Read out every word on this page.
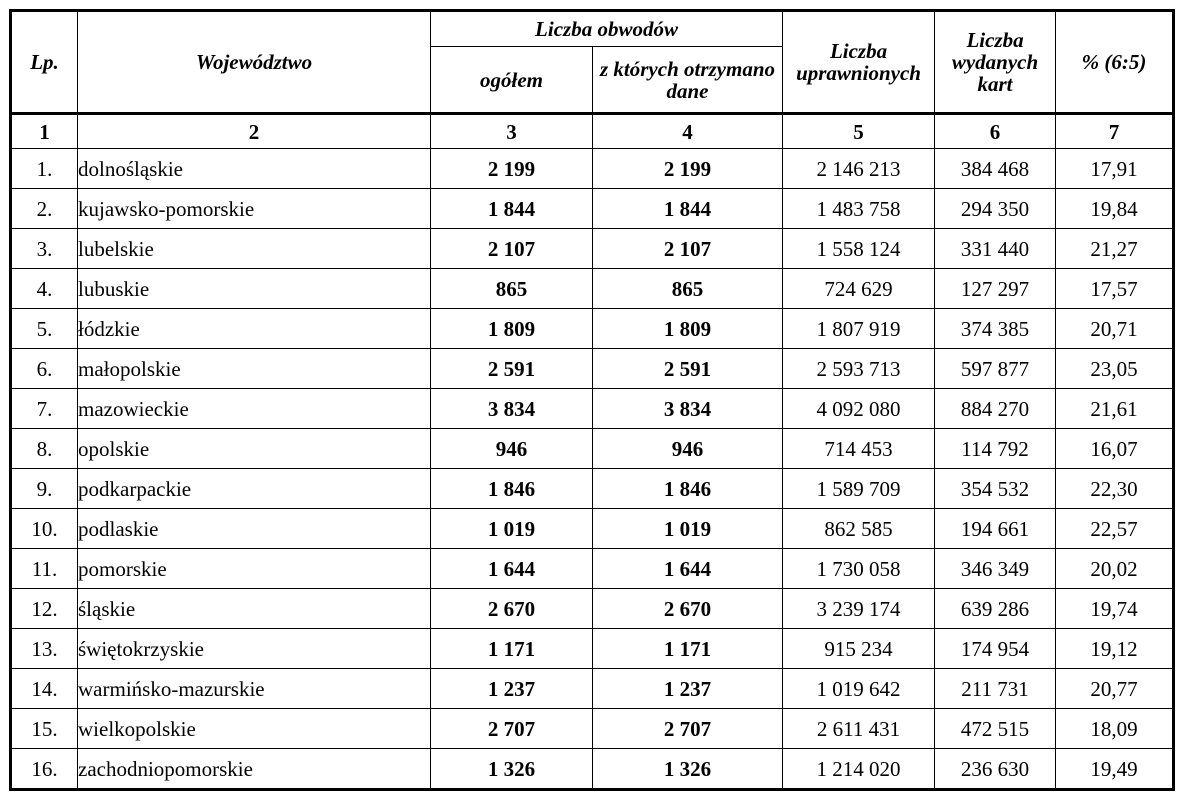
Lp.	Województwo	Liczba obwodów		Liczba uprawnionych	Liczba wydanych kart	% (6:5)
		ogółem	z których otrzymano dane			
1	2	3	4	5	6	7
1.	dolnośląskie	2 199	2 199	2 146 213	384 468	17,91
2.	kujawsko-pomorskie	1 844	1 844	1 483 758	294 350	19,84
3.	lubelskie	2 107	2 107	1 558 124	331 440	21,27
4.	lubuskie	865	865	724 629	127 297	17,57
5.	łódzkie	1 809	1 809	1 807 919	374 385	20,71
6.	małopolskie	2 591	2 591	2 593 713	597 877	23,05
7.	mazowieckie	3 834	3 834	4 092 080	884 270	21,61
8.	opolskie	946	946	714 453	114 792	16,07
9.	podkarpackie	1 846	1 846	1 589 709	354 532	22,30
10.	podlaskie	1 019	1 019	862 585	194 661	22,57
11.	pomorskie	1 644	1 644	1 730 058	346 349	20,02
12.	śląskie	2 670	2 670	3 239 174	639 286	19,74
13.	świętokrzyskie	1 171	1 171	915 234	174 954	19,12
14.	warmińsko-mazurskie	1 237	1 237	1 019 642	211 731	20,77
15.	wielkopolskie	2 707	2 707	2 611 431	472 515	18,09
16.	zachodniopomorskie	1 326	1 326	1 214 020	236 630	19,49
